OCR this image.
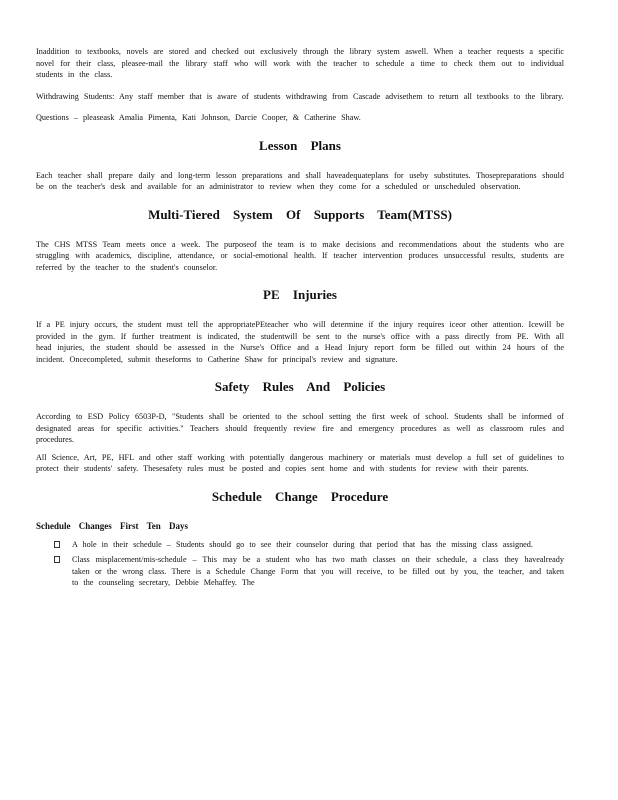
Inaddition to textbooks, novels are stored and checked out exclusively through the library system aswell. When a teacher requests a specific novel for their class, pleasee-mail the library staff who will work with the teacher to schedule a time to check them out to individual students in the class.

Withdrawing Students: Any staff member that is aware of students withdrawing from Cascade advisethem to return all textbooks to the library.

Questions – pleaseask Amalia Pimenta, Kati Johnson, Darcie Cooper, & Catherine Shaw.

Lesson Plans

Each teacher shall prepare daily and long-term lesson preparations and shall haveadequateplans for useby substitutes. Thosepreparations should be on the teacher's desk and available for an administrator to review when they come for a scheduled or unscheduled observation.

Multi-Tiered System Of Supports Team(MTSS)

The CHS MTSS Team meets once a week. The purposeof the team is to make decisions and recommendations about the students who are struggling with academics, discipline, attendance, or social-emotional health. If teacher intervention produces unsuccessful results, students are referred by the teacher to the student's counselor.

PE Injuries

If a PE injury occurs, the student must tell the appropriatePEteacher who will determine if the injury requires iceor other attention. Icewill be provided in the gym. If further treatment is indicated, the studentwill be sent to the nurse's office with a pass directly from PE. With all head injuries, the student should be assessed in the Nurse's Office and a Head Injury report form be filled out within 24 hours of the incident. Oncecompleted, submit theseforms to Catherine Shaw for principal's review and signature.

Safety Rules And Policies

According to ESD Policy 6503P-D, "Students shall be oriented to the school setting the first week of school. Students shall be informed of designated areas for specific activities." Teachers should frequently review fire and emergency procedures as well as classroom rules and procedures.

All Science, Art, PE, HFL and other staff working with potentially dangerous machinery or materials must develop a full set of guidelines to protect their students' safety. Thesesafety rules must be posted and copies sent home and with students for review with their parents.

Schedule Change Procedure
Schedule Changes First Ten Days
A hole in their schedule – Students should go to see their counselor during that period that has the missing class assigned.
Class misplacement/mis-schedule – This may be a student who has two math classes on their schedule, a class they havealready taken or the wrong class. There is a Schedule Change Form that you will receive, to be filled out by you, the teacher, and taken to the counseling secretary, Debbie Mehaffey. The
